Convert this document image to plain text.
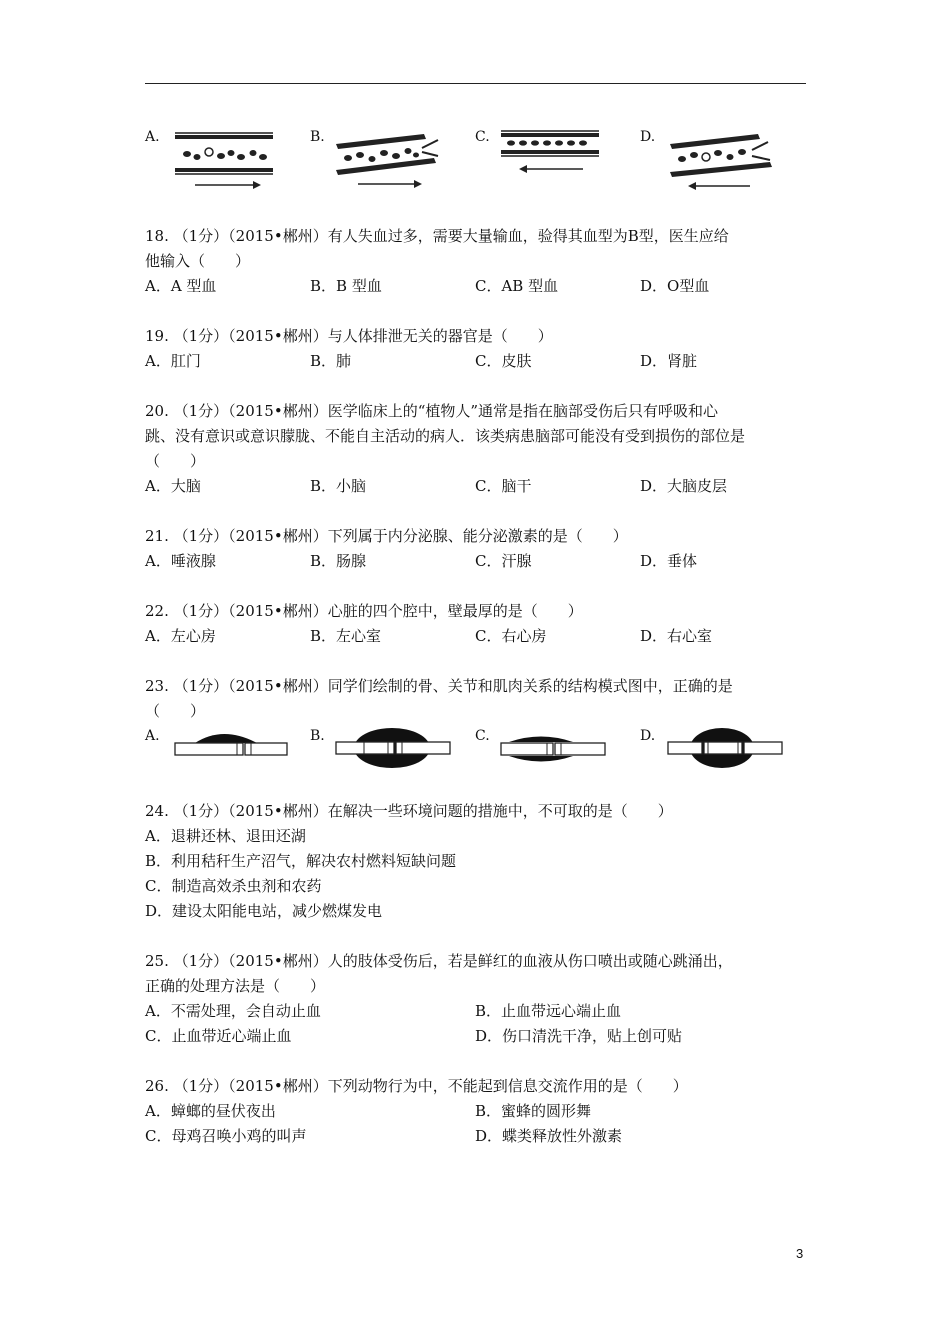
A.	B.	C.	D.
18. （1分）（2015•郴州）有人失血过多，需要大量输血，验得其血型为B型，医生应给
他输入（　　）
A．A 型血	B．B 型血	C．AB 型血	D．O型血
19. （1分）（2015•郴州）与人体排泄无关的器官是（　　）
A．肛门	B．肺	C．皮肤	D．肾脏
20. （1分）（2015•郴州）医学临床上的“植物人”通常是指在脑部受伤后只有呼吸和心
跳、没有意识或意识朦胧、不能自主活动的病人．该类病患脑部可能没有受到损伤的部位是
（　　）
A．大脑	B．小脑	C．脑干	D．大脑皮层
21. （1分）（2015•郴州）下列属于内分泌腺、能分泌激素的是（　　）
A．唾液腺	B．肠腺	C．汗腺	D．垂体
22. （1分）（2015•郴州）心脏的四个腔中，壁最厚的是（　　）
A．左心房	B．左心室	C．右心房	D．右心室
23. （1分）（2015•郴州）同学们绘制的骨、关节和肌肉关系的结构模式图中，正确的是
（　　）
A.	B.	C.	D.
24. （1分）（2015•郴州）在解决一些环境问题的措施中，不可取的是（　　）
A．退耕还林、退田还湖
B．利用秸秆生产沼气，解决农村燃料短缺问题
C．制造高效杀虫剂和农药
D．建设太阳能电站，减少燃煤发电
25. （1分）（2015•郴州）人的肢体受伤后，若是鲜红的血液从伤口喷出或随心跳涌出，
正确的处理方法是（　　）
A．不需处理，会自动止血	B．止血带远心端止血
C．止血带近心端止血	D．伤口清洗干净，贴上创可贴
26. （1分）（2015•郴州）下列动物行为中，不能起到信息交流作用的是（　　）
A．蟑螂的昼伏夜出	B．蜜蜂的圆形舞
C．母鸡召唤小鸡的叫声	D．蝶类释放性外激素
3
